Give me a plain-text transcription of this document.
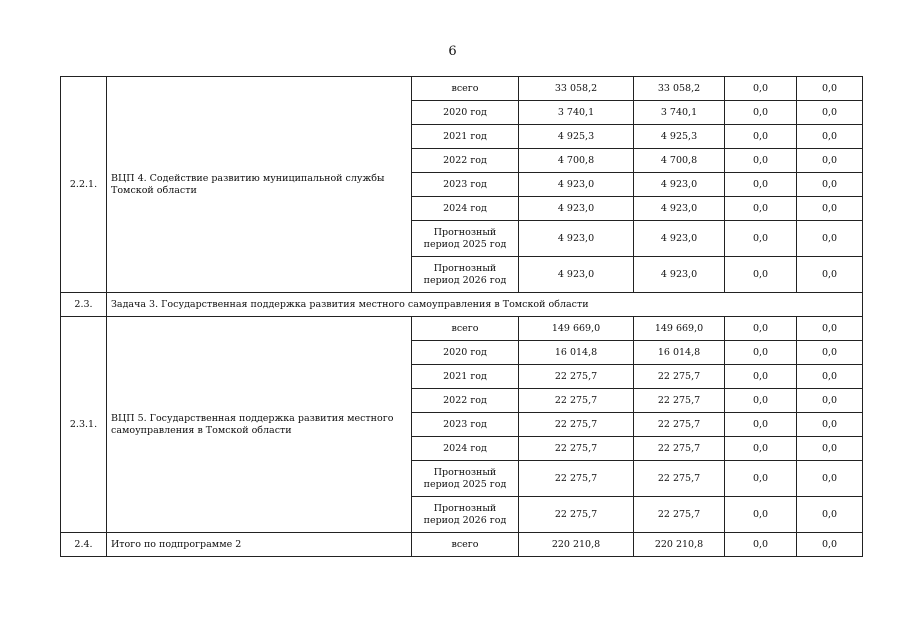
6
2.2.1.	ВЦП 4. Содействие развитию муниципальной службы Томской области	всего	33 058,2	33 058,2	0,0	0,0
		2020 год	3 740,1	3 740,1	0,0	0,0
		2021 год	4 925,3	4 925,3	0,0	0,0
		2022 год	4 700,8	4 700,8	0,0	0,0
		2023 год	4 923,0	4 923,0	0,0	0,0
		2024 год	4 923,0	4 923,0	0,0	0,0
		Прогнозный период 2025 год	4 923,0	4 923,0	0,0	0,0
		Прогнозный период 2026 год	4 923,0	4 923,0	0,0	0,0
2.3.	Задача 3. Государственная поддержка развития местного самоуправления в Томской области					
2.3.1.	ВЦП 5. Государственная поддержка развития местного самоуправления в Томской области	всего	149 669,0	149 669,0	0,0	0,0
		2020 год	16 014,8	16 014,8	0,0	0,0
		2021 год	22 275,7	22 275,7	0,0	0,0
		2022 год	22 275,7	22 275,7	0,0	0,0
		2023 год	22 275,7	22 275,7	0,0	0,0
		2024 год	22 275,7	22 275,7	0,0	0,0
		Прогнозный период 2025 год	22 275,7	22 275,7	0,0	0,0
		Прогнозный период 2026 год	22 275,7	22 275,7	0,0	0,0
2.4.	Итого по подпрограмме 2	всего	220 210,8	220 210,8	0,0	0,0
